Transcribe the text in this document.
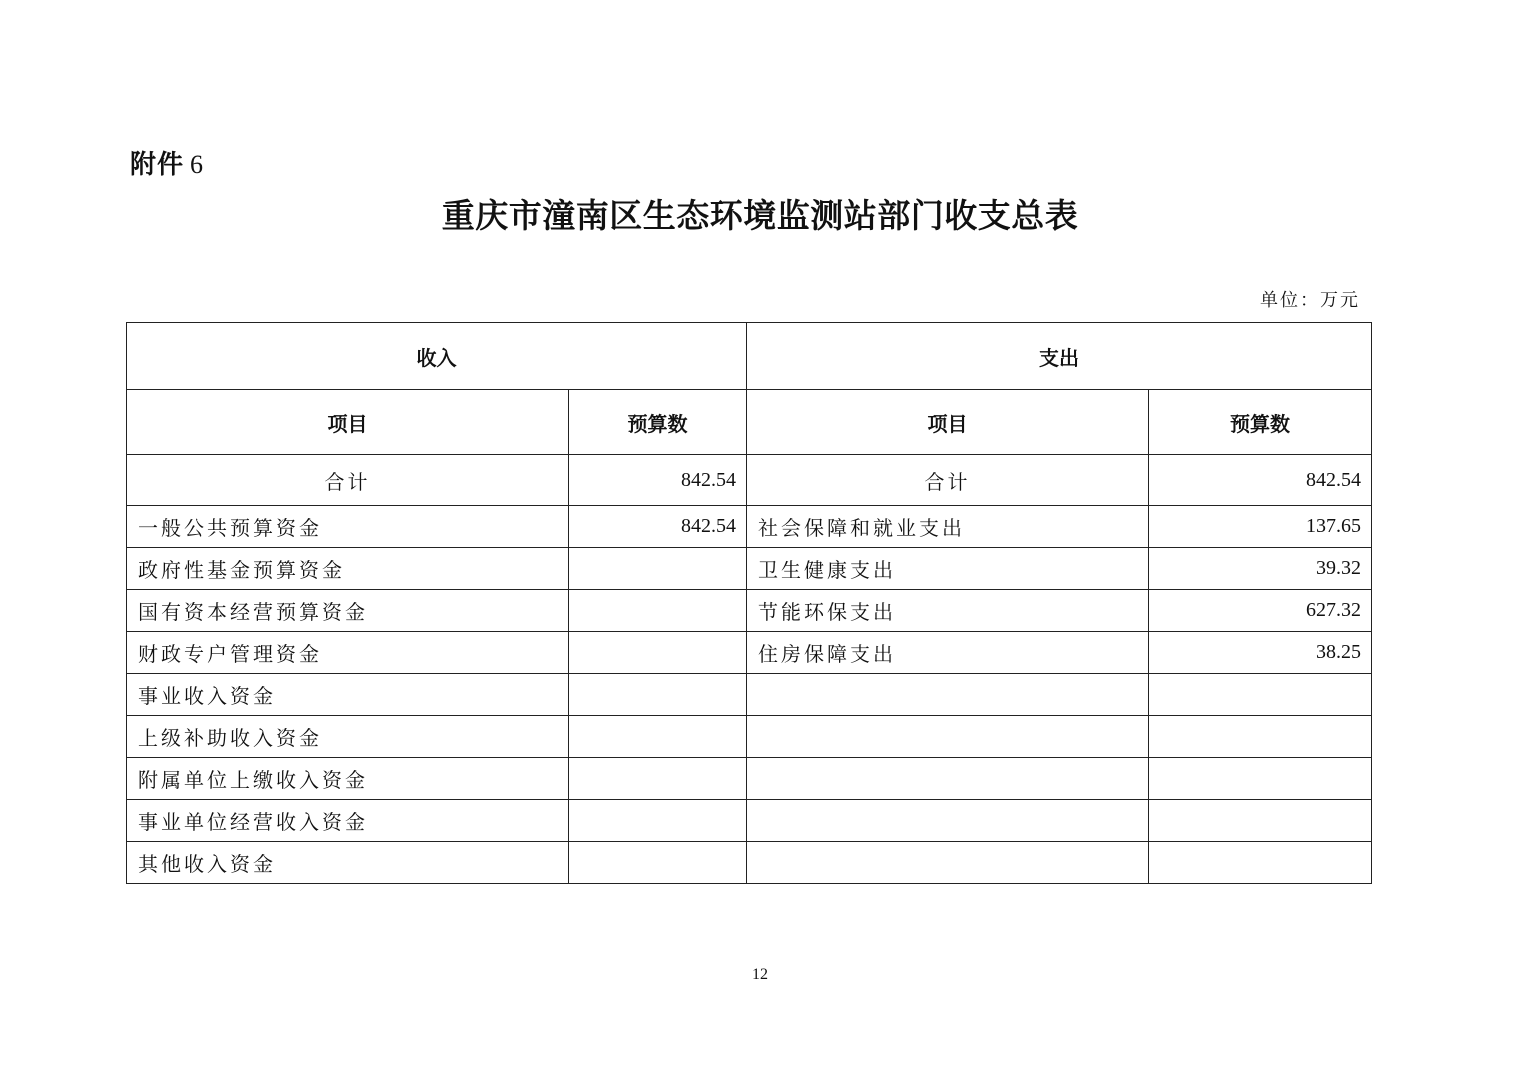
附件 6
重庆市潼南区生态环境监测站部门收支总表
单位：万元
收入		支出	
项目	预算数	项目	预算数
合计	842.54	合计	842.54
一般公共预算资金	842.54	社会保障和就业支出	137.65
政府性基金预算资金		卫生健康支出	39.32
国有资本经营预算资金		节能环保支出	627.32
财政专户管理资金		住房保障支出	38.25
事业收入资金			
上级补助收入资金			
附属单位上缴收入资金			
事业单位经营收入资金			
其他收入资金			
12
